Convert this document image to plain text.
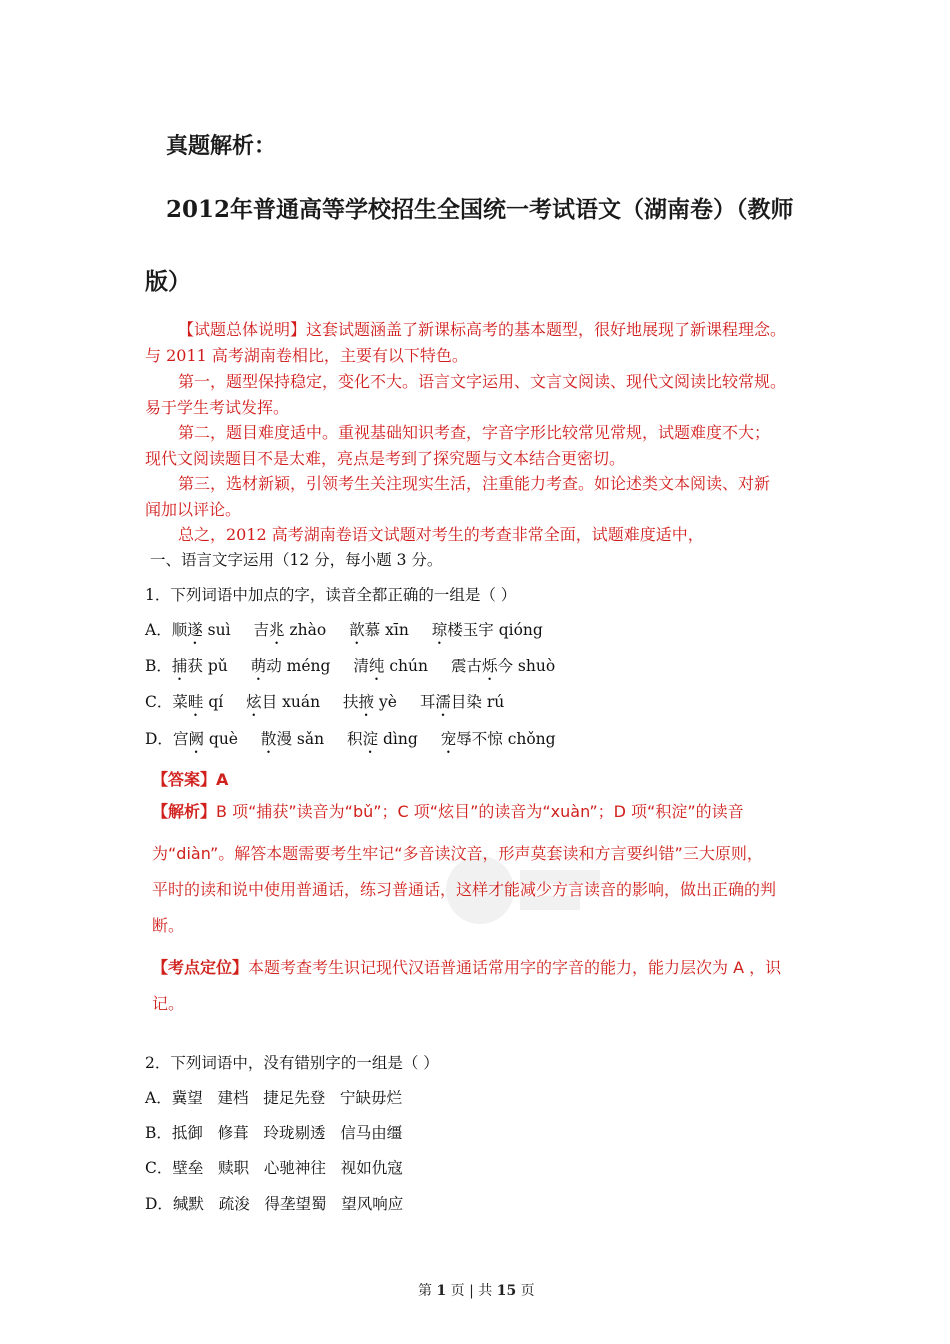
真题解析：
2012年普通高等学校招生全国统一考试语文（湖南卷）（教师
版）
【试题总体说明】这套试题涵盖了新课标高考的基本题型，很好地展现了新课程理念。
与 2011 高考湖南卷相比，主要有以下特色。
第一，题型保持稳定，变化不大。语言文字运用、文言文阅读、现代文阅读比较常规。
易于学生考试发挥。
第二，题目难度适中。重视基础知识考查，字音字形比较常见常规，试题难度不大；
现代文阅读题目不是太难，亮点是考到了探究题与文本结合更密切。
第三，选材新颖，引领考生关注现实生活，注重能力考查。如论述类文本阅读、对新
闻加以评论。
总之，2012 高考湖南卷语文试题对考生的考查非常全面，试题难度适中，
一、语言文字运用（12 分，每小题 3 分。
1．下列词语中加点的字，读音全都正确的一组是（ ）
A．顺遂 suì 吉兆 zhào 歆慕 xīn 琼楼玉宇 qióng
B．捕获 pǔ 萌动 méng 清纯 chún 震古烁今 shuò
C．菜畦 qí 炫目 xuán 扶掖 yè 耳濡目染 rú
D．宫阙 què 散漫 sǎn 积淀 dìng 宠辱不惊 chǒng
【答案】A
【解析】B 项“捕获”读音为“bǔ”；C 项“炫目”的读音为“xuàn”；D 项“积淀”的读音
为“diàn”。解答本题需要考生牢记“多音读汶音，形声莫套读和方言要纠错”三大原则，
平时的读和说中使用普通话，练习普通话，这样才能减少方言读音的影响，做出正确的判
断。
【考点定位】本题考查考生识记现代汉语普通话常用字的字音的能力，能力层次为 A ，识
记。
2．下列词语中，没有错别字的一组是（ ）
A．冀望   建档   捷足先登   宁缺毋烂
B．抵御   修葺   玲珑剔透   信马由缰
C．壁垒   赎职   心驰神往   视如仇寇
D．缄默   疏浚   得垄望蜀   望风响应
第 1 页 | 共 15 页
